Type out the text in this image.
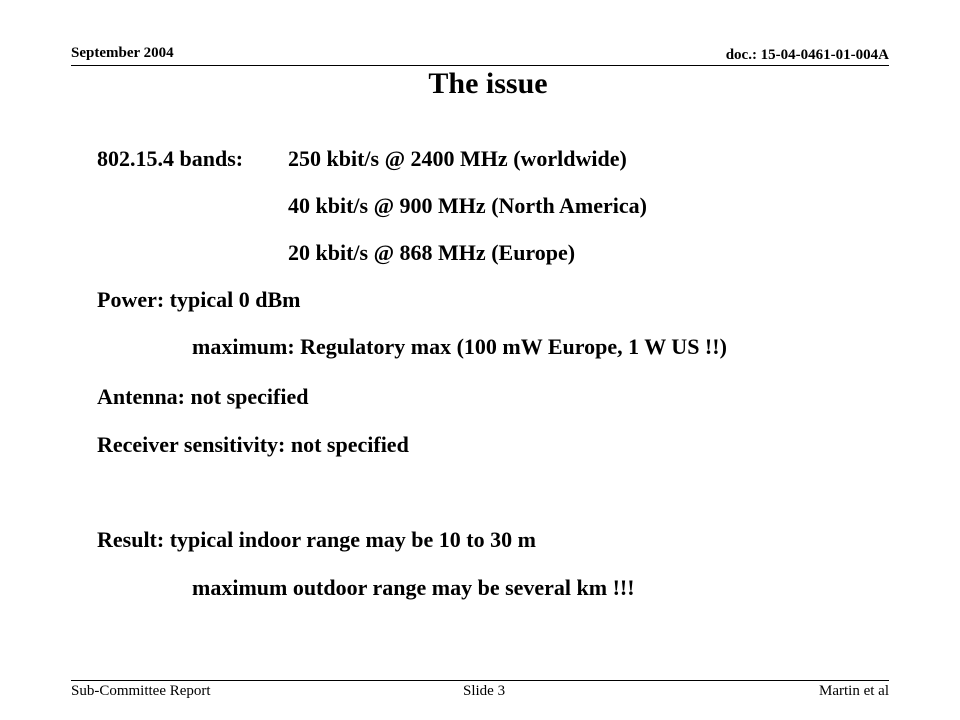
September 2004	doc.: 15-04-0461-01-004A
The issue
802.15.4 bands: 250 kbit/s @ 2400 MHz (worldwide)
40 kbit/s @ 900 MHz (North America)
20 kbit/s @ 868 MHz (Europe)
Power: typical 0 dBm
maximum: Regulatory max (100 mW Europe, 1 W US !!)
Antenna: not specified
Receiver sensitivity: not specified
Result: typical indoor range may be 10 to 30 m
maximum outdoor range may be several km !!!
Sub-Committee Report	Slide 3	Martin et al
